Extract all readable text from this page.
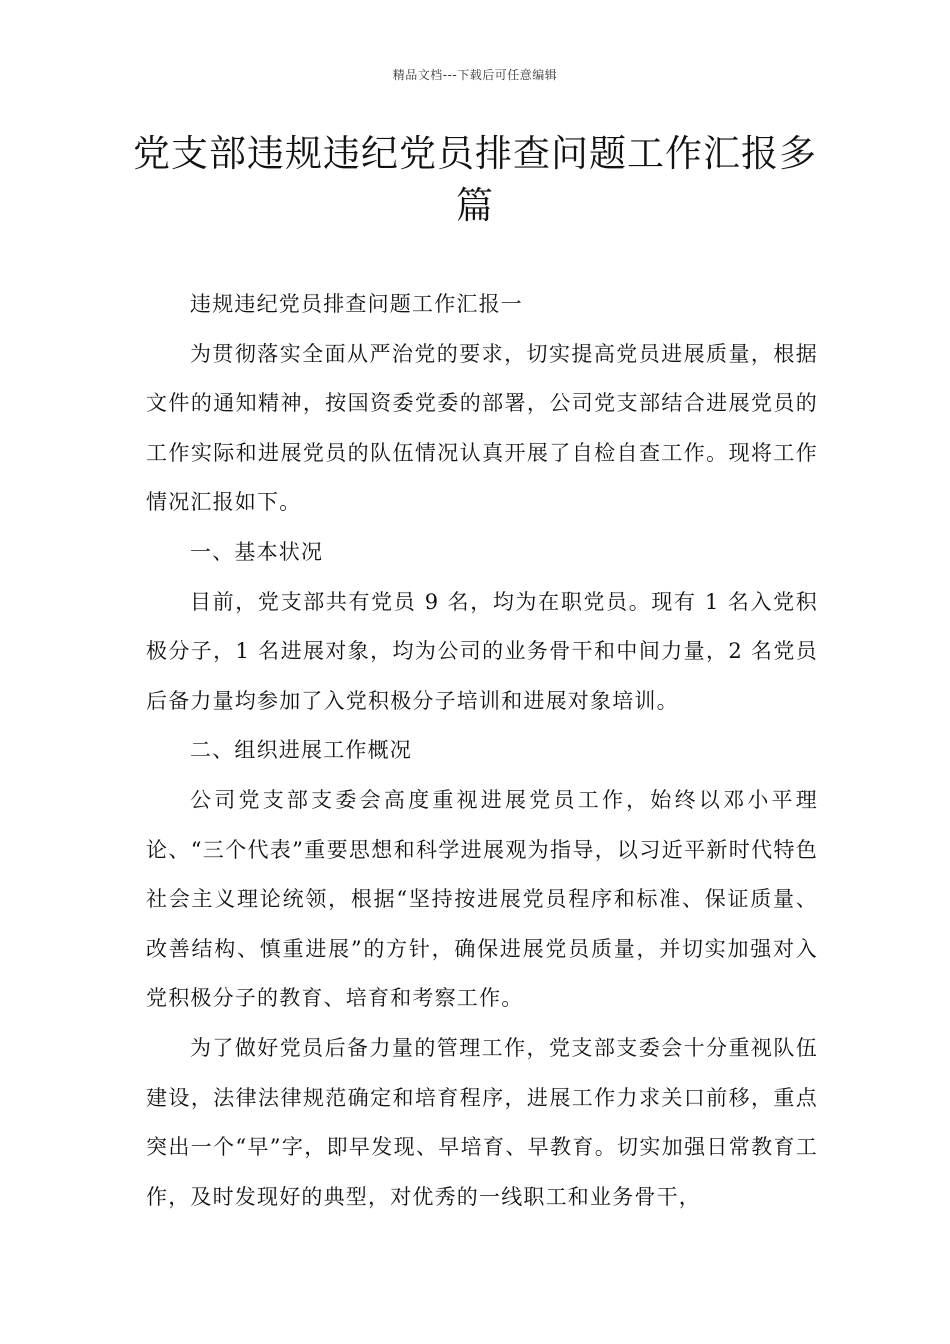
精品文档---下载后可任意编辑
党支部违规违纪党员排查问题工作汇报多篇

违规违纪党员排查问题工作汇报一

为贯彻落实全面从严治党的要求，切实提高党员进展质量，根据文件的通知精神，按国资委党委的部署，公司党支部结合进展党员的工作实际和进展党员的队伍情况认真开展了自检自查工作。现将工作情况汇报如下。

一、基本状况

目前，党支部共有党员 9 名，均为在职党员。现有 1 名入党积极分子，1 名进展对象，均为公司的业务骨干和中间力量，2 名党员后备力量均参加了入党积极分子培训和进展对象培训。

二、组织进展工作概况

公司党支部支委会高度重视进展党员工作，始终以邓小平理论、“三个代表”重要思想和科学进展观为指导，以习近平新时代特色社会主义理论统领，根据“坚持按进展党员程序和标准、保证质量、改善结构、慎重进展”的方针，确保进展党员质量，并切实加强对入党积极分子的教育、培育和考察工作。

为了做好党员后备力量的管理工作，党支部支委会十分重视队伍建设，法律法律规范确定和培育程序，进展工作力求关口前移，重点突出一个“早”字，即早发现、早培育、早教育。切实加强日常教育工作，及时发现好的典型，对优秀的一线职工和业务骨干，
